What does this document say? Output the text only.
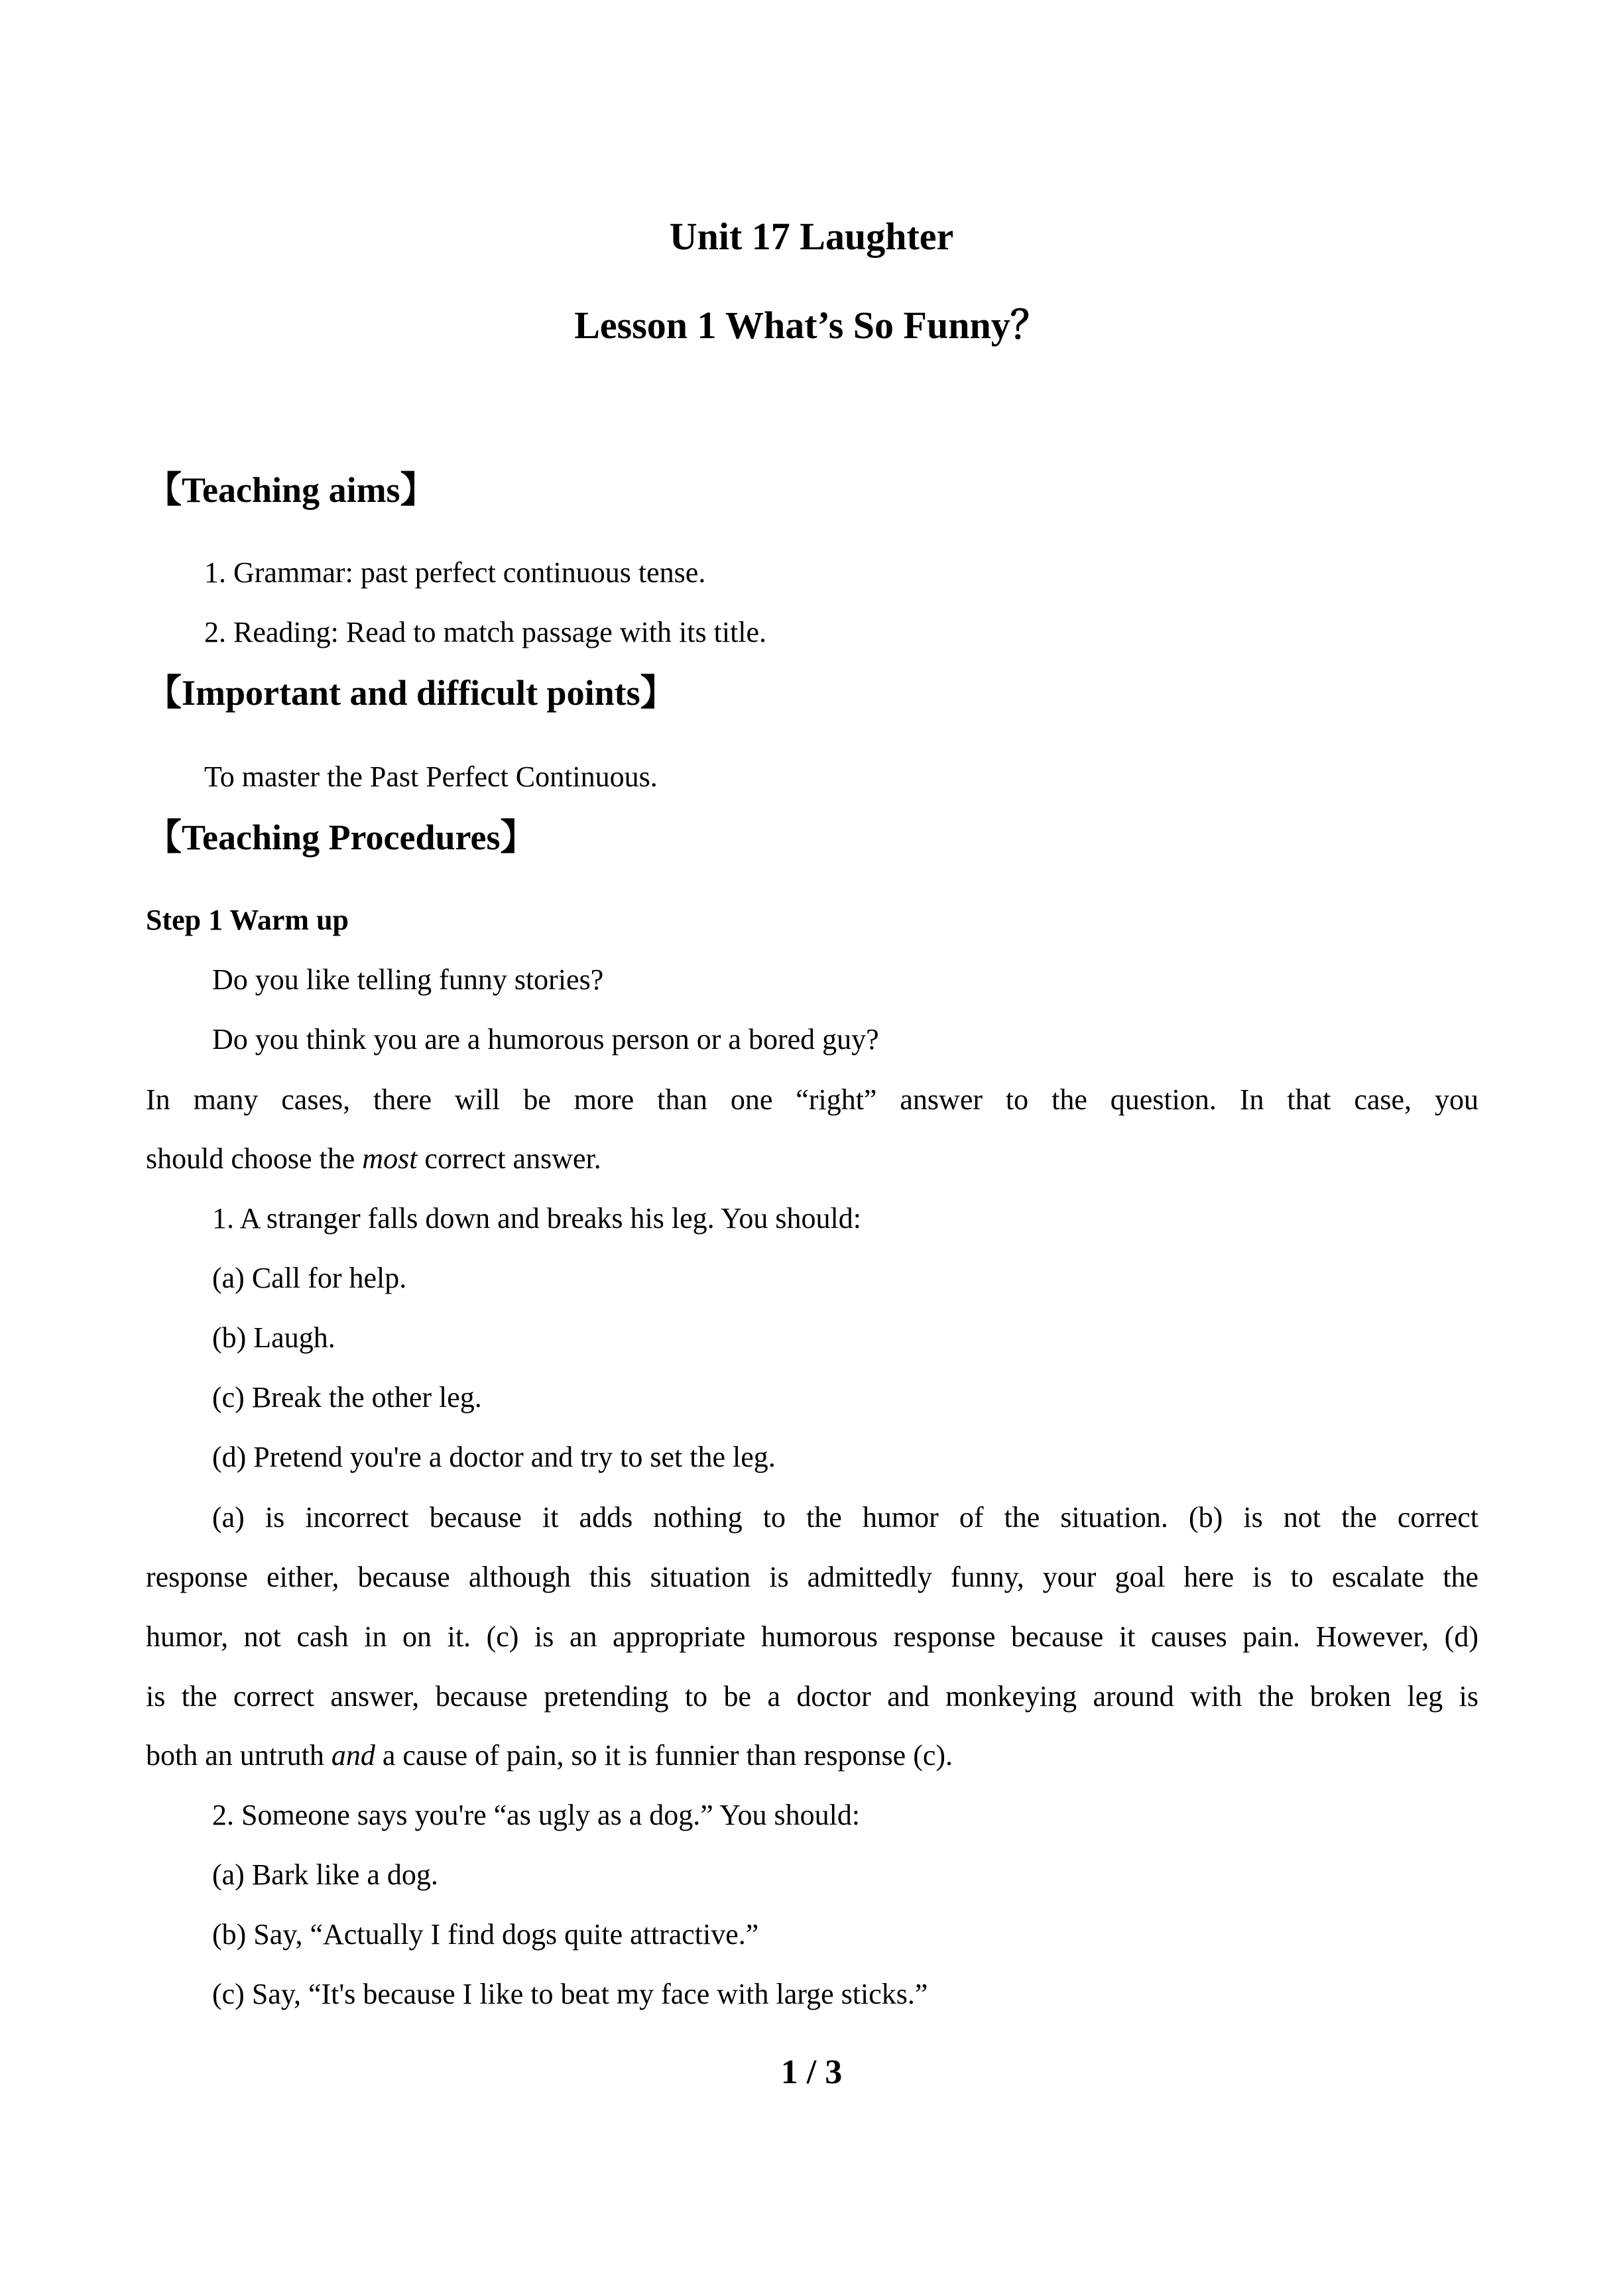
Unit 17 Laughter
Lesson 1 What’s So Funny？
【Teaching aims】
1. Grammar: past perfect continuous tense.
2. Reading: Read to match passage with its title.
【Important and difficult points】
To master the Past Perfect Continuous.
【Teaching Procedures】
Step 1 Warm up
Do you like telling funny stories?
Do you think you are a humorous person or a bored guy?
In many cases, there will be more than one “right” answer to the question. In that case, you
should choose the most correct answer.
1. A stranger falls down and breaks his leg. You should:
(a) Call for help.
(b) Laugh.
(c) Break the other leg.
(d) Pretend you're a doctor and try to set the leg.
(a) is incorrect because it adds nothing to the humor of the situation. (b) is not the correct
response either, because although this situation is admittedly funny, your goal here is to escalate the
humor, not cash in on it. (c) is an appropriate humorous response because it causes pain. However, (d)
is the correct answer, because pretending to be a doctor and monkeying around with the broken leg is
both an untruth and a cause of pain, so it is funnier than response (c).
2. Someone says you're “as ugly as a dog.” You should:
(a) Bark like a dog.
(b) Say, “Actually I find dogs quite attractive.”
(c) Say, “It's because I like to beat my face with large sticks.”
1 / 3
